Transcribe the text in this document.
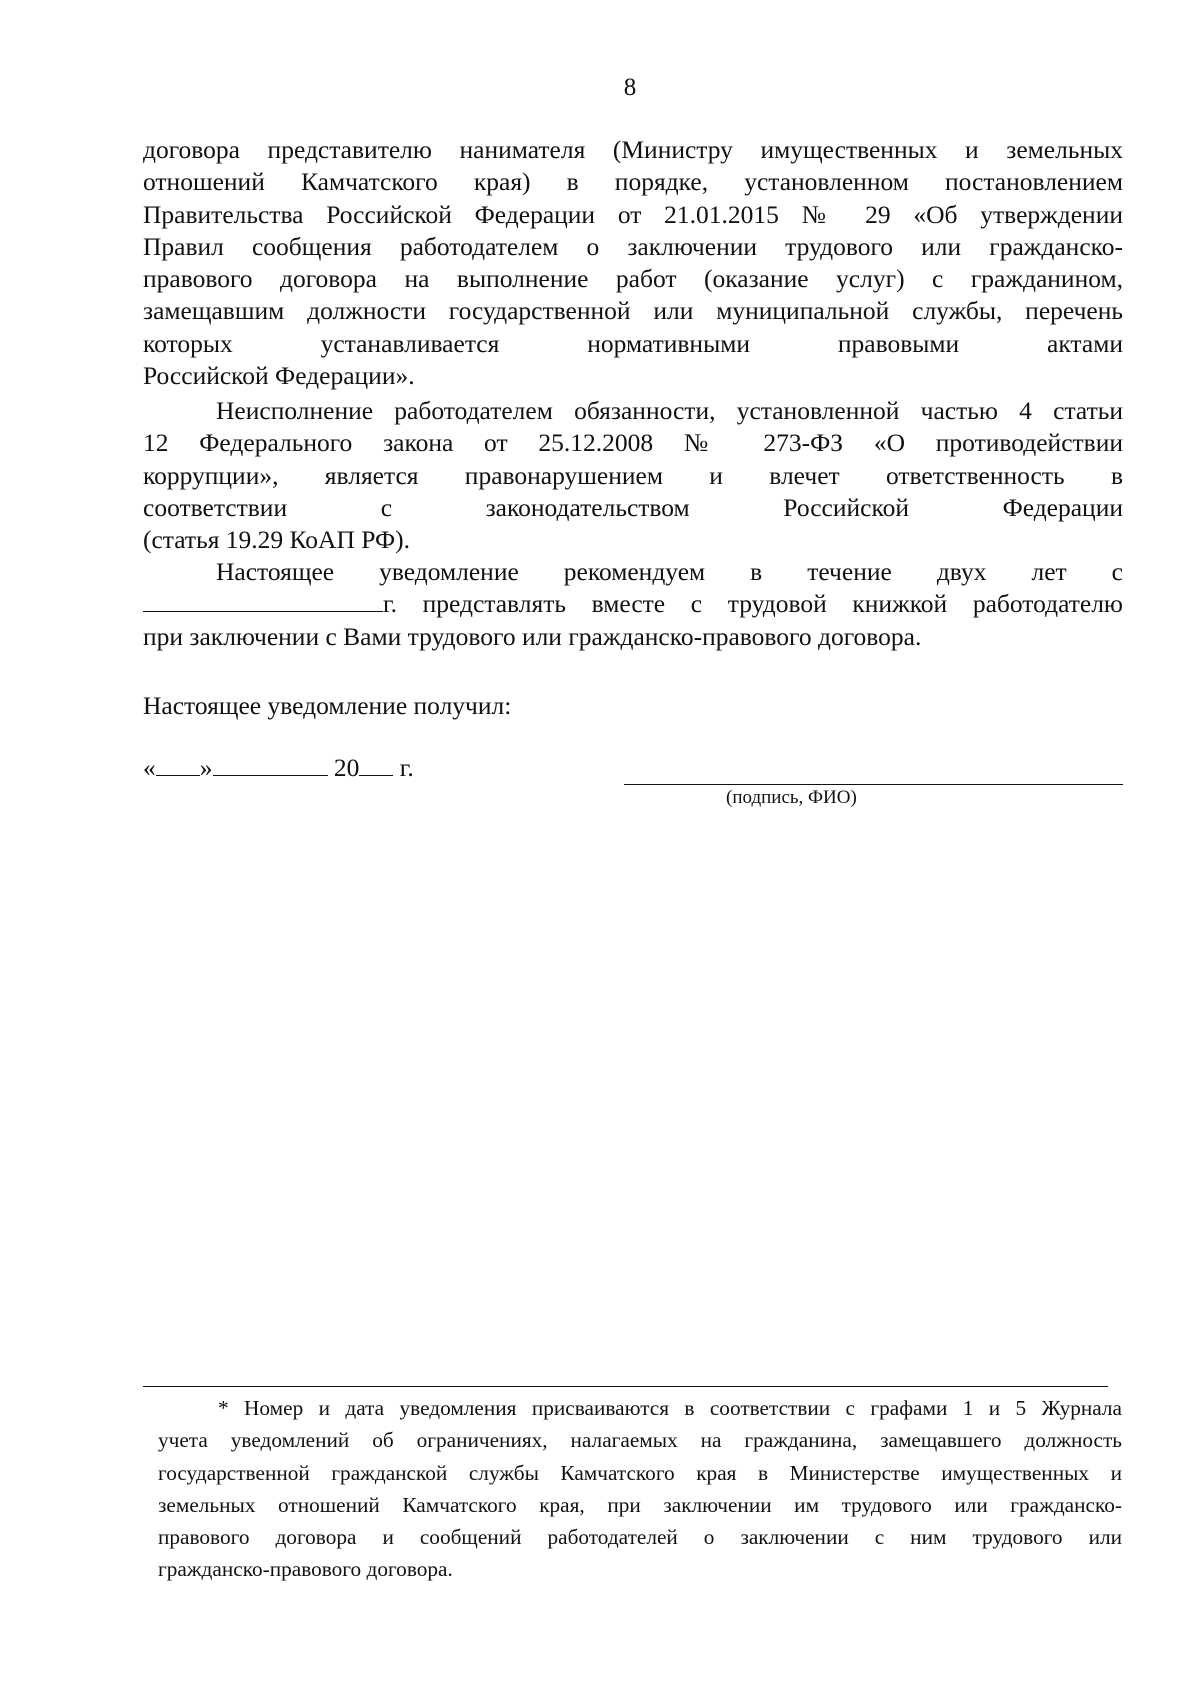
8

договора представителю нанимателя (Министру имущественных и земельных

отношений Камчатского края) в порядке, установленном постановлением

Правительства Российской Федерации от 21.01.2015 № 29 «Об утверждении

Правил сообщения работодателем о заключении трудового или гражданско-

правового договора на выполнение работ (оказание услуг) с гражданином,

замещавшим должности государственной или муниципальной службы, перечень

которых устанавливается нормативными правовыми актами

Российской Федерации».

Неисполнение работодателем обязанности, установленной частью 4 статьи

12 Федерального закона от 25.12.2008 № 273-ФЗ «О противодействии

коррупции», является правонарушением и влечет ответственность в

соответствии с законодательством Российской Федерации

(статья 19.29 КоАП РФ).

Настоящее уведомление рекомендуем в течение двух лет с

г. представлять вместе с трудовой книжкой работодателю

при заключении с Вами трудового или гражданско-правового договора.

Настоящее уведомление получил:
« »	20 г.
(подпись, ФИО)

* Номер и дата уведомления присваиваются в соответствии с графами 1 и 5 Журнала

учета уведомлений об ограничениях, налагаемых на гражданина, замещавшего должность

государственной гражданской службы Камчатского края в Министерстве имущественных и

земельных отношений Камчатского края, при заключении им трудового или гражданско-

правового договора и сообщений работодателей о заключении с ним трудового или

гражданско-правового договора.
